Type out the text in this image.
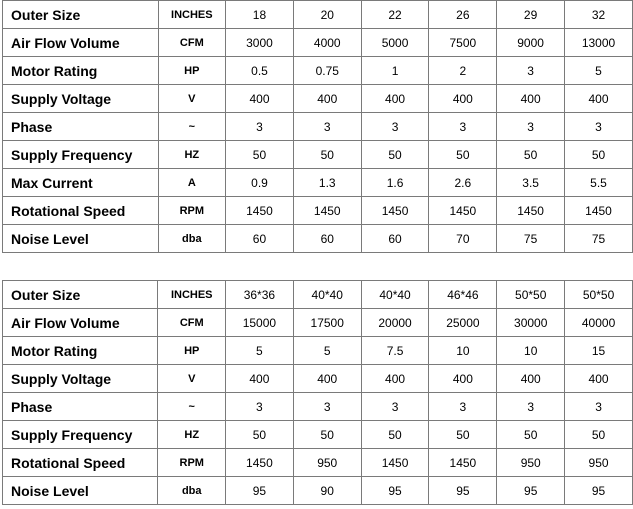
Outer Size	INCHES	18	20	22	26	29	32
Air Flow Volume	CFM	3000	4000	5000	7500	9000	13000
Motor Rating	HP	0.5	0.75	1	2	3	5
Supply Voltage	V	400	400	400	400	400	400
Phase	~	3	3	3	3	3	3
Supply Frequency	HZ	50	50	50	50	50	50
Max Current	A	0.9	1.3	1.6	2.6	3.5	5.5
Rotational Speed	RPM	1450	1450	1450	1450	1450	1450
Noise Level	dba	60	60	60	70	75	75
Outer Size	INCHES	36*36	40*40	40*40	46*46	50*50	50*50
Air Flow Volume	CFM	15000	17500	20000	25000	30000	40000
Motor Rating	HP	5	5	7.5	10	10	15
Supply Voltage	V	400	400	400	400	400	400
Phase	~	3	3	3	3	3	3
Supply Frequency	HZ	50	50	50	50	50	50
Rotational Speed	RPM	1450	950	1450	1450	950	950
Noise Level	dba	95	90	95	95	95	95
